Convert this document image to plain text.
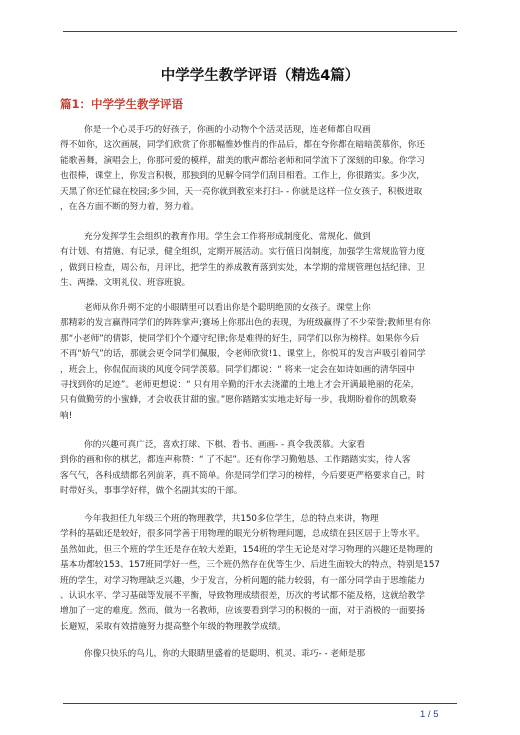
中学学生教学评语（精选4篇）
篇1：中学学生教学评语
你是一个心灵手巧的好孩子，你画的小动物个个活灵活现，连老师都自叹画
得不如你，这次画展，同学们欣赏了你那幅惟妙惟肖的作品后，都在夸你都在暗暗羡慕你，你还
能歌善舞，演唱会上，你那可爱的模样，甜美的歌声都给老师和同学流下了深刻的印象。你学习
也很棒，课堂上，你发言积极，那独到的见解令同学们刮目相看。工作上，你很踏实。多少次，
天黑了你还忙碌在校园;多少回，天一亮你就到教室来打扫- - 你就是这样一位女孩子，积极进取
，在各方面不断的努力着，努力着。
充分发挥学生会组织的教育作用。学生会工作将形成制度化、常规化、做到
有计划、有措施、有记录，健全组织，定期开展活动。实行值日岗制度，加强学生常规监管力度
，做到日检查，周公布，月评比，把学生的养成教育落到实处，本学期的常规管理包括纪律、卫
生、两操、文明礼仪、班容班貌。
老师从你升朔不定的小眼睛里可以看出你是个聪明绝顶的女孩子。课堂上你
那精彩的发言赢得同学们的阵阵掌声;赛场上你那出色的表现，为班级赢得了不少荣誉;教师里有你
那“小老师”的倩影，使同学们个个遵守纪律;你是难得的好生，同学们以你为榜样。如果你今后
不再“娇气”的话，那就会更令同学们佩服，令老师欣赏!1、课堂上，你悦耳的发言声吸引着同学
，班会上，你侃侃而谈的风度令同学羡慕。同学们都说：“ 将来一定会在如诗如画的清华园中
寻找到你的足迹”。老师更想说：“ 只有用辛勤的汗水去浇灌的土地上才会开满最艳丽的花朵，
只有做勤劳的小蜜蜂，才会收获甘甜的蜜。”愿你踏踏实实地走好每一步，我期盼着你的凯歌奏
响!
你的兴趣可真广泛，喜欢打球、下棋、看书、画画- - 真令我羡慕。大家看
到你的画和你的棋艺，都连声称赞：“ 了不起”。还有你学习勤勉恳、工作踏踏实实，待人客
客气气，各科成绩都名列前茅，真不简单。你是同学们学习的榜样，今后要更严格要求自己，时
时带好头，事事学好样，做个名副其实的干部。
今年我担任九年级三个班的物理教学，共150多位学生，总的特点来讲，物理
学科的基础还是较好，很多同学善于用物理的眼光分析物理问题，总成绩在县区居于上等水平。
虽然如此，但三个班的学生还是存在较大差距，154班的学生无论是对学习物理的兴趣还是物理的
基本功都较153、157班同学好一些，三个班仍然存在优等生少、后进生面较大的特点，特别是157
班的学生，对学习物理缺乏兴趣，少于发言，分析问题的能力较弱，有一部分同学由于思维能力
、认识水平、学习基础等发展不平衡，导致物理成绩很差，历次的考试都不能及格，这就给教学
增加了一定的难度。然而，做为一名教师，应该要看到学习的积极的一面，对于消极的一面要扬
长避短，采取有效措施努力提高整个年级的物理教学成绩。
你像只快乐的鸟儿，你的大眼睛里盛着的是聪明、机灵、乖巧- - 老师是那
1 / 5
